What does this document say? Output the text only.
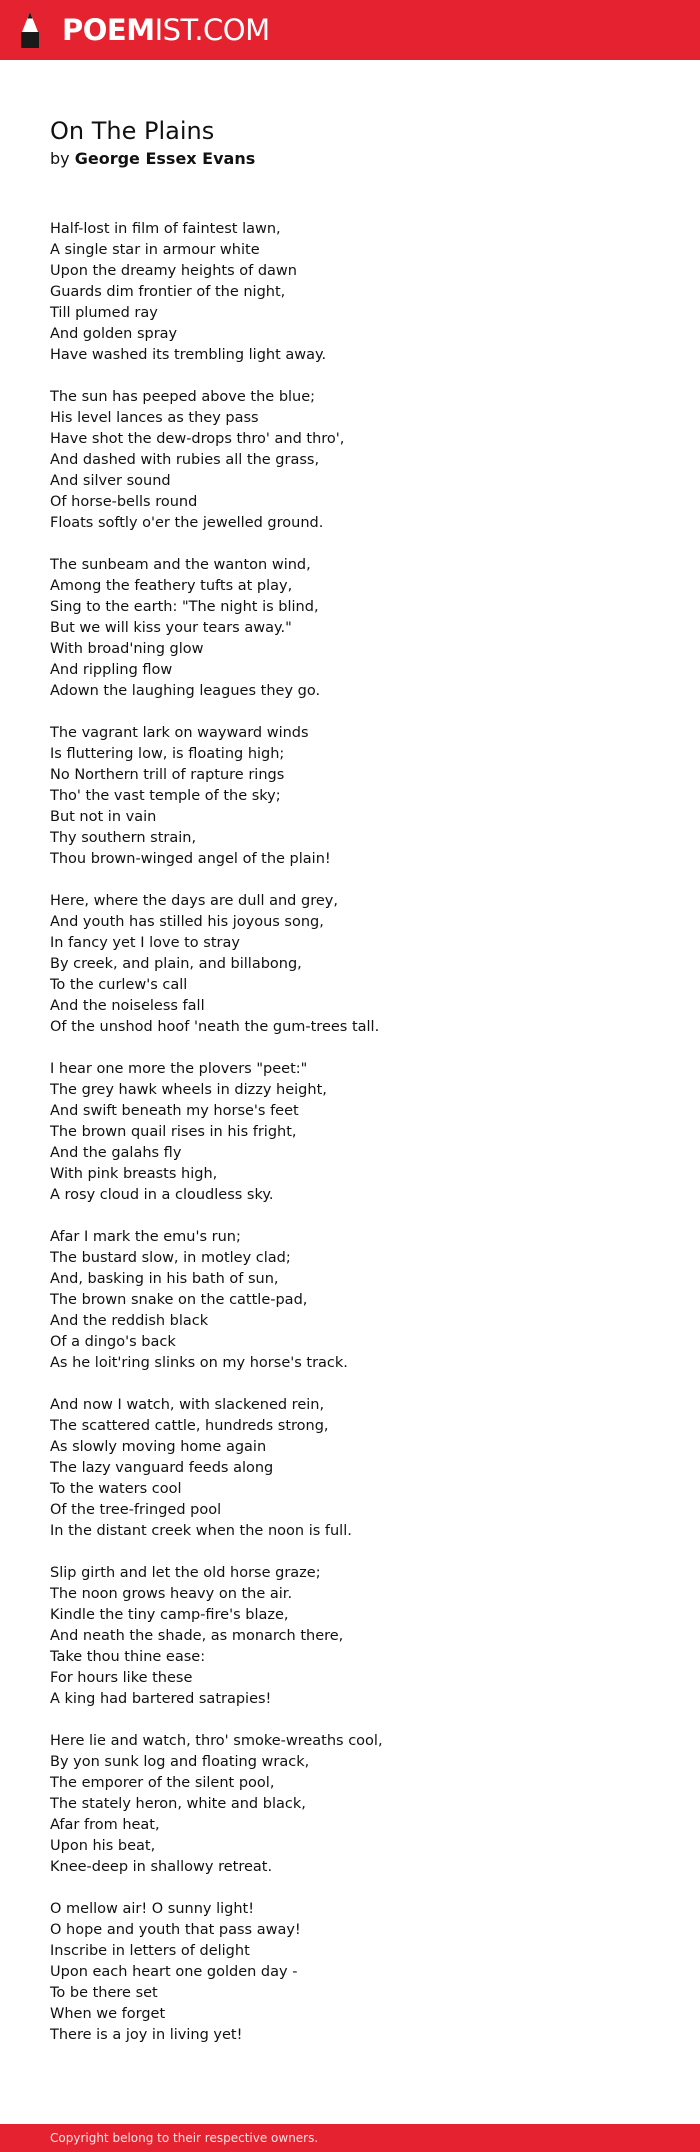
POEMIST.COM
On The Plains

by George Essex Evans

Half-lost in film of faintest lawn,
A single star in armour white
Upon the dreamy heights of dawn
Guards dim frontier of the night,
Till plumed ray
And golden spray
Have washed its trembling light away.
The sun has peeped above the blue;
His level lances as they pass
Have shot the dew-drops thro' and thro',
And dashed with rubies all the grass,
And silver sound
Of horse-bells round
Floats softly o'er the jewelled ground.
The sunbeam and the wanton wind,
Among the feathery tufts at play,
Sing to the earth: "The night is blind,
But we will kiss your tears away."
With broad'ning glow
And rippling flow
Adown the laughing leagues they go.
The vagrant lark on wayward winds
Is fluttering low, is floating high;
No Northern trill of rapture rings
Tho' the vast temple of the sky;
But not in vain
Thy southern strain,
Thou brown-winged angel of the plain!
Here, where the days are dull and grey,
And youth has stilled his joyous song,
In fancy yet I love to stray
By creek, and plain, and billabong,
To the curlew's call
And the noiseless fall
Of the unshod hoof 'neath the gum-trees tall.
I hear one more the plovers "peet:"
The grey hawk wheels in dizzy height,
And swift beneath my horse's feet
The brown quail rises in his fright,
And the galahs fly
With pink breasts high,
A rosy cloud in a cloudless sky.
Afar I mark the emu's run;
The bustard slow, in motley clad;
And, basking in his bath of sun,
The brown snake on the cattle-pad,
And the reddish black
Of a dingo's back
As he loit'ring slinks on my horse's track.
And now I watch, with slackened rein,
The scattered cattle, hundreds strong,
As slowly moving home again
The lazy vanguard feeds along
To the waters cool
Of the tree-fringed pool
In the distant creek when the noon is full.
Slip girth and let the old horse graze;
The noon grows heavy on the air.
Kindle the tiny camp-fire's blaze,
And neath the shade, as monarch there,
Take thou thine ease:
For hours like these
A king had bartered satrapies!
Here lie and watch, thro' smoke-wreaths cool,
By yon sunk log and floating wrack,
The emporer of the silent pool,
The stately heron, white and black,
Afar from heat,
Upon his beat,
Knee-deep in shallowy retreat.
O mellow air! O sunny light!
O hope and youth that pass away!
Inscribe in letters of delight
Upon each heart one golden day -
To be there set
When we forget
There is a joy in living yet!
Copyright belong to their respective owners.
